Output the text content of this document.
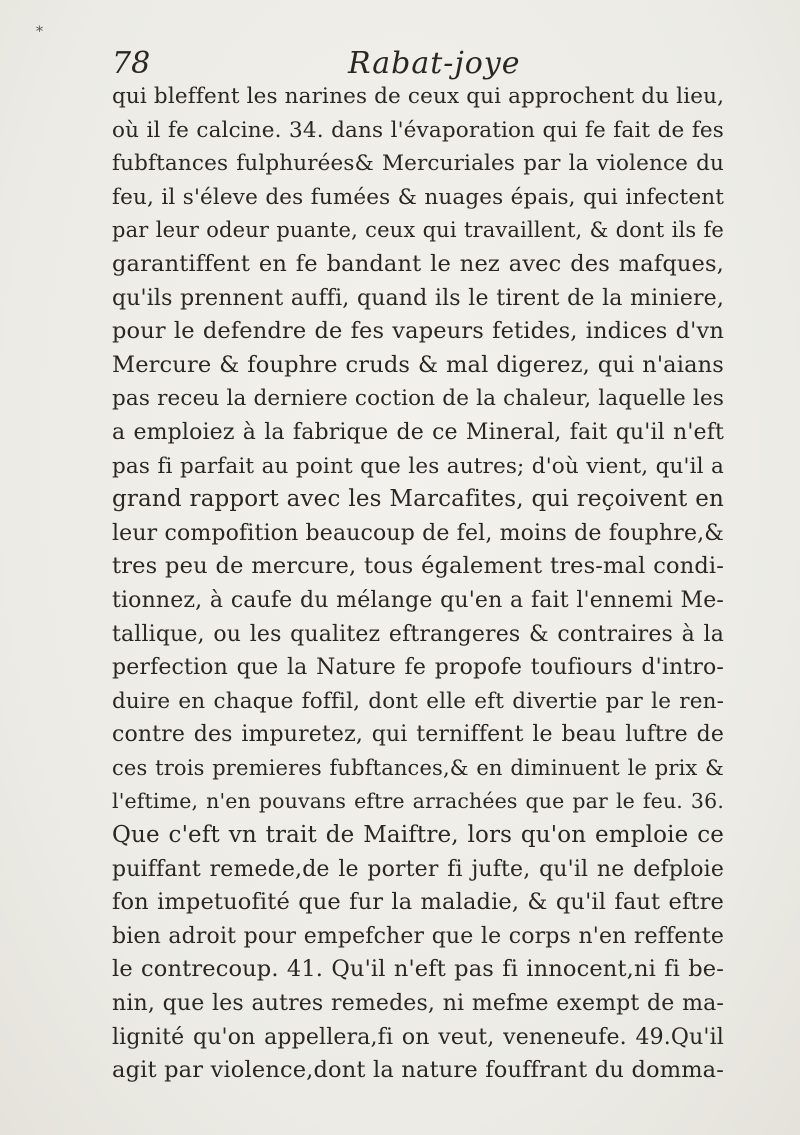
*
78	Rabat-joye
qui bleffent les narines de ceux qui approchent du lieu,
où il fe calcine. 34. dans l'évaporation qui fe fait de fes
fubftances fulphurées& Mercuriales par la violence du
feu, il s'éleve des fumées & nuages épais, qui infectent
par leur odeur puante, ceux qui travaillent, & dont ils fe
garantiffent en fe bandant le nez avec des mafques,
qu'ils prennent auffi, quand ils le tirent de la miniere,
pour le defendre de fes vapeurs fetides, indices d'vn
Mercure & fouphre cruds & mal digerez, qui n'aians
pas receu la derniere coction de la chaleur, laquelle les
a emploiez à la fabrique de ce Mineral, fait qu'il n'eft
pas fi parfait au point que les autres; d'où vient, qu'il a
grand rapport avec les Marcafites, qui reçoivent en
leur compofition beaucoup de fel, moins de fouphre,&
tres peu de mercure, tous également tres-mal condi-
tionnez, à caufe du mélange qu'en a fait l'ennemi Me-
tallique, ou les qualitez eftrangeres & contraires à la
perfection que la Nature fe propofe toufiours d'intro-
duire en chaque foffil, dont elle eft divertie par le ren-
contre des impuretez, qui terniffent le beau luftre de
ces trois premieres fubftances,& en diminuent le prix &
l'eftime, n'en pouvans eftre arrachées que par le feu. 36.
Que c'eft vn trait de Maiftre, lors qu'on emploie ce
puiffant remede,de le porter fi jufte, qu'il ne defploie
fon impetuofité que fur la maladie, & qu'il faut eftre
bien adroit pour empefcher que le corps n'en reffente
le contrecoup. 41. Qu'il n'eft pas fi innocent,ni fi be-
nin, que les autres remedes, ni mefme exempt de ma-
lignité qu'on appellera,fi on veut, veneneufe. 49.Qu'il
agit par violence,dont la nature fouffrant du domma-
